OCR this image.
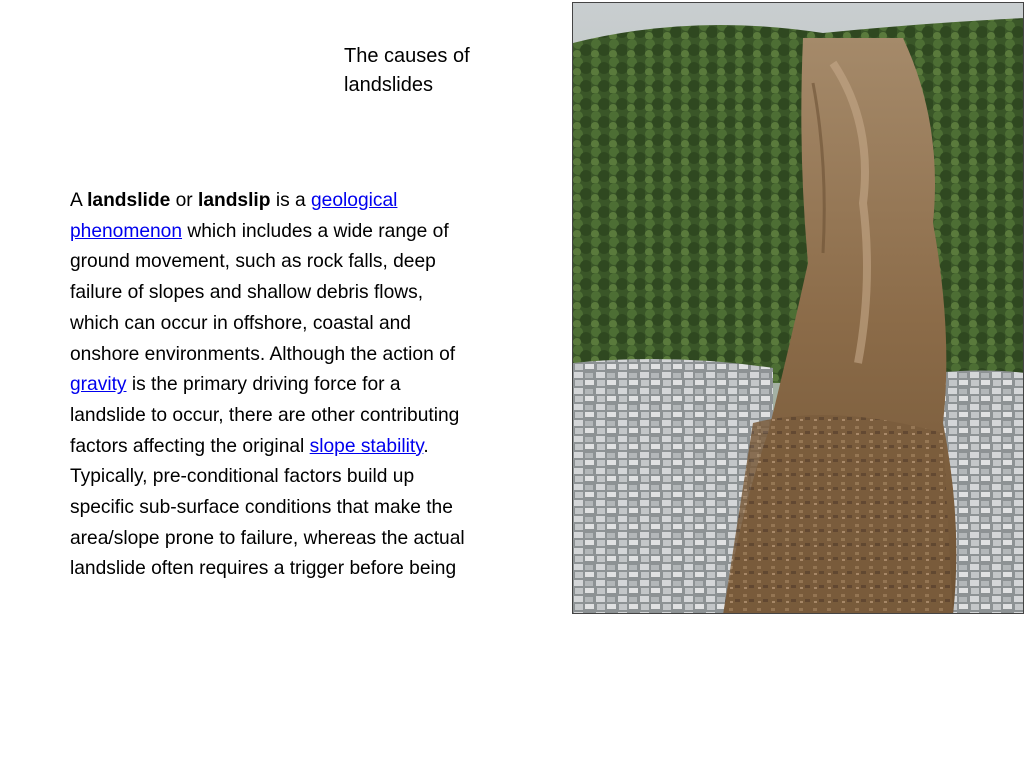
The causes of
landslides
A landslide or landslip is a geological
phenomenon which includes a wide range of
ground movement, such as rock falls, deep
failure of slopes and shallow debris flows,
which can occur in offshore, coastal and
onshore environments. Although the action of
gravity is the primary driving force for a
landslide to occur, there are other contributing
factors affecting the original slope stability.
Typically, pre-conditional factors build up
specific sub-surface conditions that make the
area/slope prone to failure, whereas the actual
landslide often requires a trigger before being
